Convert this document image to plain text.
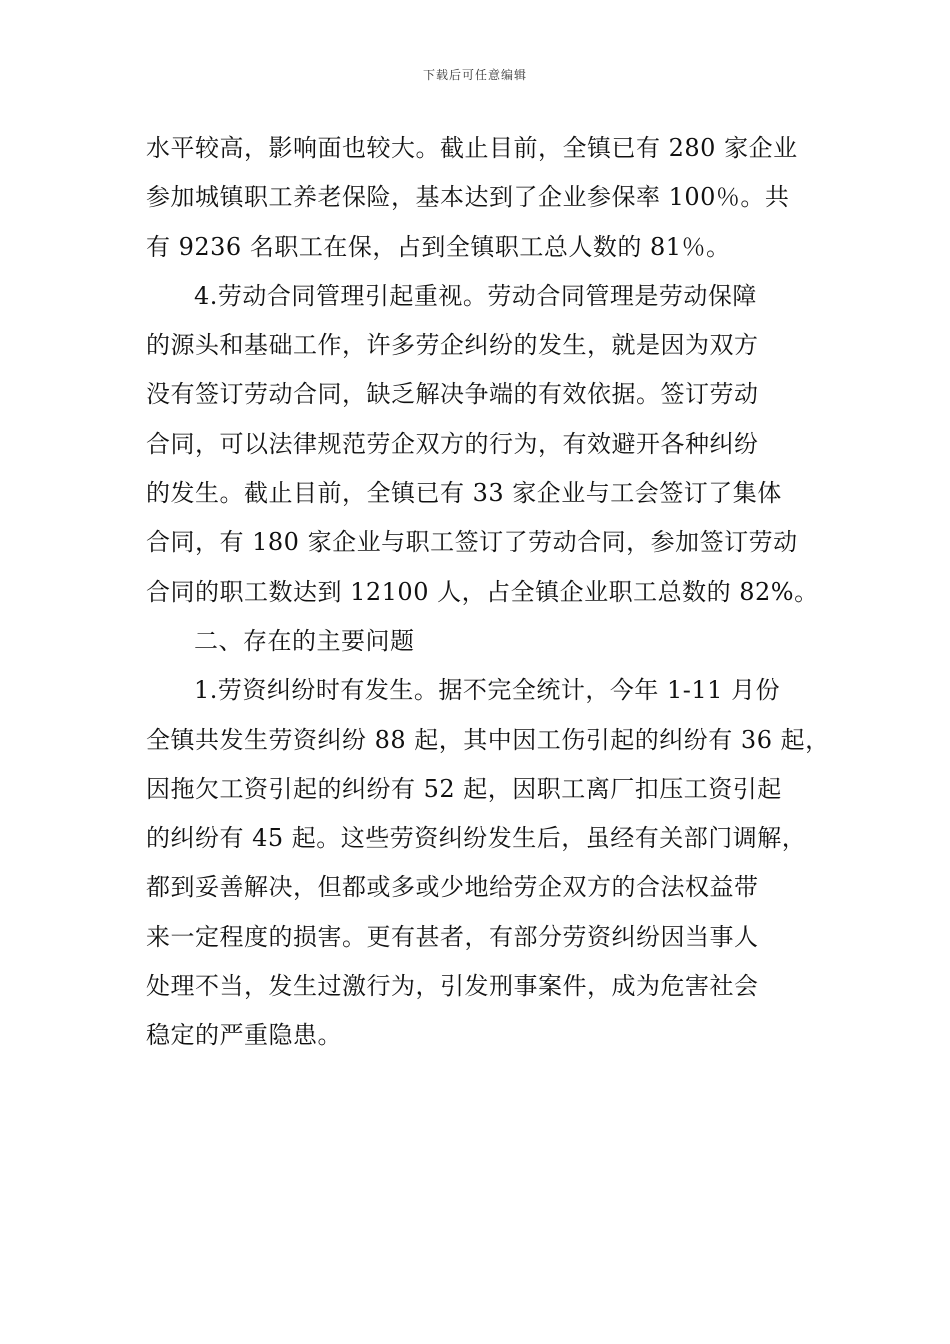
下载后可任意编辑
水平较高，影响面也较大。截止目前，全镇已有 280 家企业
参加城镇职工养老保险，基本达到了企业参保率 100％。共
有 9236 名职工在保，占到全镇职工总人数的 81％。
4.劳动合同管理引起重视。劳动合同管理是劳动保障
的源头和基础工作，许多劳企纠纷的发生，就是因为双方
没有签订劳动合同，缺乏解决争端的有效依据。签订劳动
合同，可以法律规范劳企双方的行为，有效避开各种纠纷
的发生。截止目前，全镇已有 33 家企业与工会签订了集体
合同，有 180 家企业与职工签订了劳动合同，参加签订劳动
合同的职工数达到 12100 人，占全镇企业职工总数的 82%。
二、存在的主要问题
1.劳资纠纷时有发生。据不完全统计，今年 1-11 月份
全镇共发生劳资纠纷 88 起，其中因工伤引起的纠纷有 36 起，
因拖欠工资引起的纠纷有 52 起，因职工离厂扣压工资引起
的纠纷有 45 起。这些劳资纠纷发生后，虽经有关部门调解，
都到妥善解决，但都或多或少地给劳企双方的合法权益带
来一定程度的损害。更有甚者，有部分劳资纠纷因当事人
处理不当，发生过激行为，引发刑事案件，成为危害社会
稳定的严重隐患。
